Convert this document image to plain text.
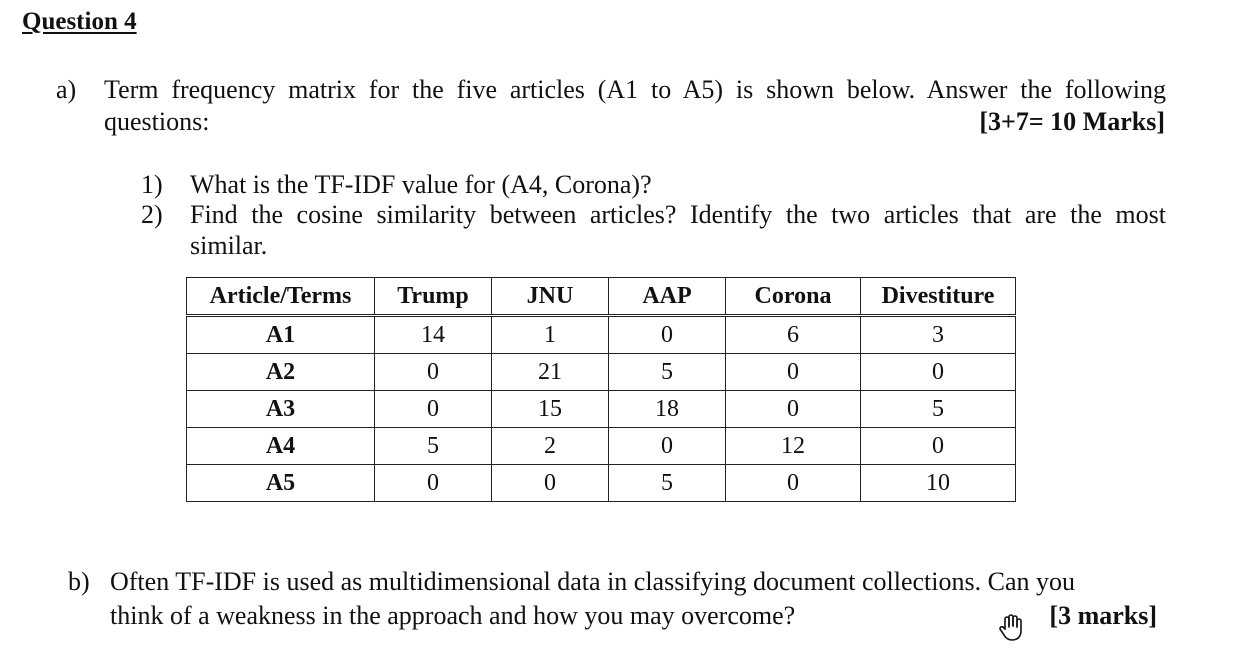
Question 4
a) Term frequency matrix for the five articles (A1 to A5) is shown below. Answer the following
questions:	[3+7= 10 Marks]
1) What is the TF-IDF value for (A4, Corona)?
2) Find the cosine similarity between articles? Identify the two articles that are the most
similar.
Article/Terms	Trump	JNU	AAP	Corona	Divestiture
A1	14	1	0	6	3
A2	0	21	5	0	0
A3	0	15	18	0	5
A4	5	2	0	12	0
A5	0	0	5	0	10
b) Often TF-IDF is used as multidimensional data in classifying document collections. Can you
think of a weakness in the approach and how you may overcome?	[3 marks]
